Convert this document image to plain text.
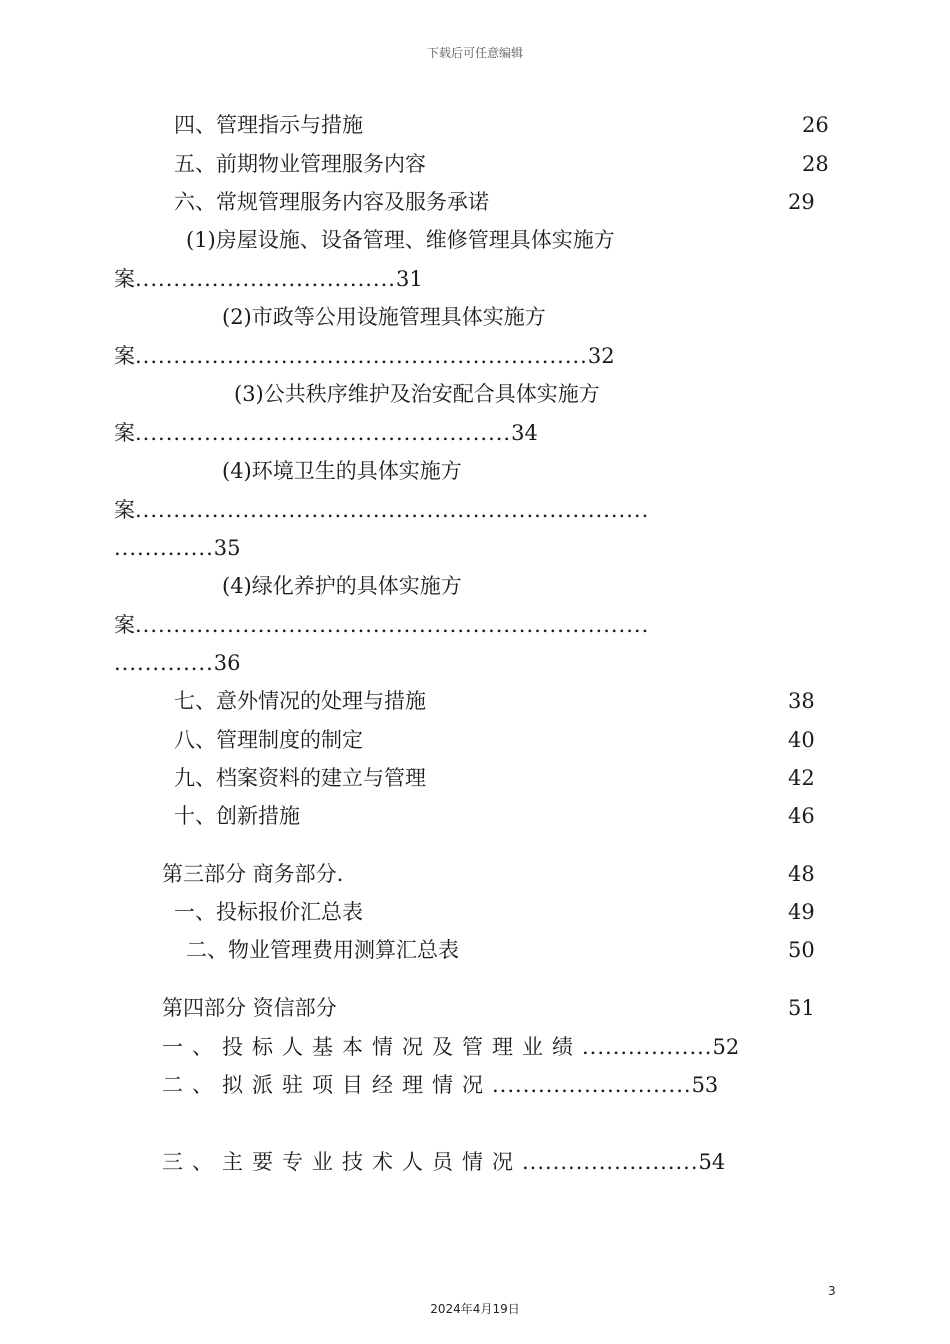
下载后可任意编辑
四、管理指示与措施	26
五、前期物业管理服务内容	28
六、常规管理服务内容及服务承诺	29
(1)房屋设施、设备管理、维修管理具体实施方
案..................................31
(2)市政等公用设施管理具体实施方
案...........................................................32
(3)公共秩序维护及治安配合具体实施方
案.................................................34
(4)环境卫生的具体实施方
案...................................................................
.............35
(4)绿化养护的具体实施方
案...................................................................
.............36
七、意外情况的处理与措施	38
八、管理制度的制定	40
九、档案资料的建立与管理	42
十、创新措施	46
第三部分 商务部分.	48
一、投标报价汇总表	49
二、物业管理费用测算汇总表	50
第四部分 资信部分	51
一、投标人基本情况及管理业绩.................52
二、拟派驻项目经理情况..........................53
三、主要专业技术人员情况.......................54
3
2024年4月19日
